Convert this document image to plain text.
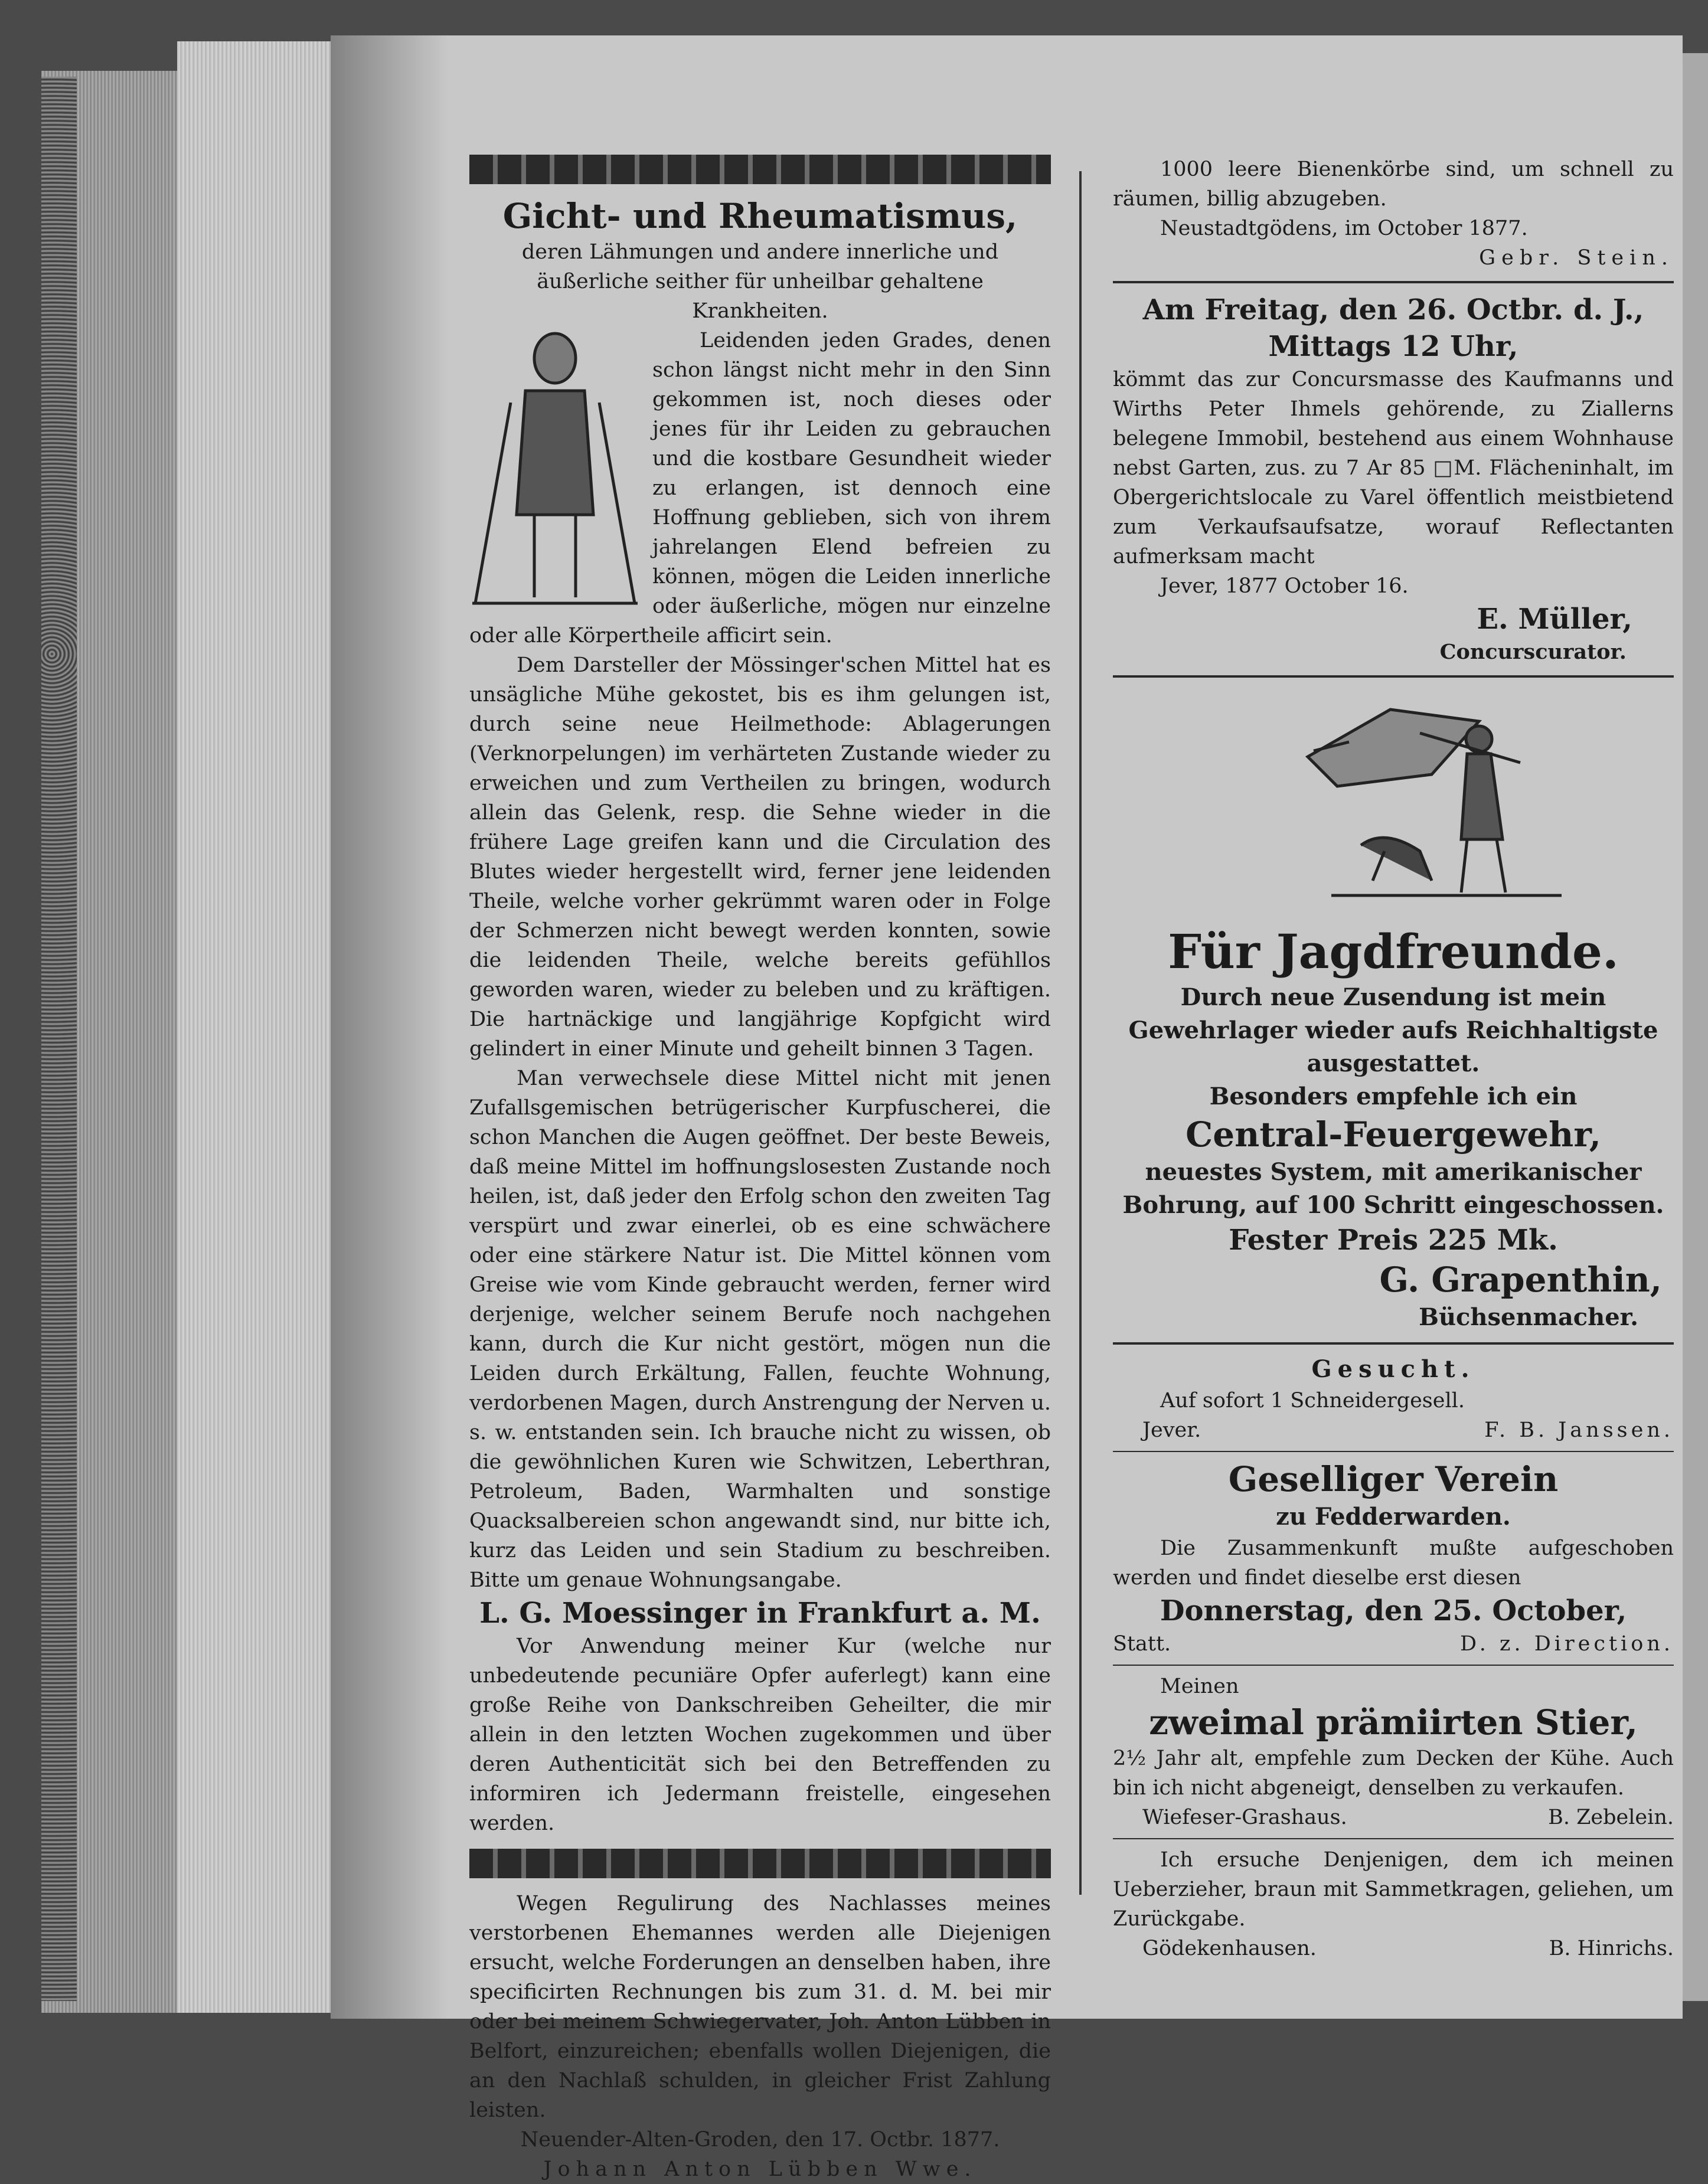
Gicht- und Rheumatismus,

deren Lähmungen und andere innerliche und äußerliche seither für unheilbar gehaltene Krankheiten.

Leidenden jeden Grades, denen schon längst nicht mehr in den Sinn gekommen ist, noch dieses oder jenes für ihr Leiden zu gebrauchen und die kostbare Gesundheit wieder zu erlangen, ist dennoch eine Hoffnung geblieben, sich von ihrem jahrelangen Elend befreien zu können, mögen die Leiden innerliche oder äußerliche, mögen nur einzelne oder alle Körpertheile afficirt sein.

Dem Darsteller der Mössinger'schen Mittel hat es unsägliche Mühe gekostet, bis es ihm gelungen ist, durch seine neue Heilmethode: Ablagerungen (Verknorpelungen) im verhärteten Zustande wieder zu erweichen und zum Vertheilen zu bringen, wodurch allein das Gelenk, resp. die Sehne wieder in die frühere Lage greifen kann und die Circulation des Blutes wieder hergestellt wird, ferner jene leidenden Theile, welche vorher gekrümmt waren oder in Folge der Schmerzen nicht bewegt werden konnten, sowie die leidenden Theile, welche bereits gefühllos geworden waren, wieder zu beleben und zu kräftigen. Die hartnäckige und langjährige Kopfgicht wird gelindert in einer Minute und geheilt binnen 3 Tagen.

Man verwechsele diese Mittel nicht mit jenen Zufallsgemischen betrügerischer Kurpfuscherei, die schon Manchen die Augen geöffnet. Der beste Beweis, daß meine Mittel im hoffnungslosesten Zustande noch heilen, ist, daß jeder den Erfolg schon den zweiten Tag verspürt und zwar einerlei, ob es eine schwächere oder eine stärkere Natur ist. Die Mittel können vom Greise wie vom Kinde gebraucht werden, ferner wird derjenige, welcher seinem Berufe noch nachgehen kann, durch die Kur nicht gestört, mögen nun die Leiden durch Erkältung, Fallen, feuchte Wohnung, verdorbenen Magen, durch Anstrengung der Nerven u. s. w. entstanden sein. Ich brauche nicht zu wissen, ob die gewöhnlichen Kuren wie Schwitzen, Leberthran, Petroleum, Baden, Warmhalten und sonstige Quacksalbereien schon angewandt sind, nur bitte ich, kurz das Leiden und sein Stadium zu beschreiben. Bitte um genaue Wohnungsangabe.

L. G. Moessinger in Frankfurt a. M.

Vor Anwendung meiner Kur (welche nur unbedeutende pecuniäre Opfer auferlegt) kann eine große Reihe von Dankschreiben Geheilter, die mir allein in den letzten Wochen zugekommen und über deren Authenticität sich bei den Betreffenden zu informiren ich Jedermann freistelle, eingesehen werden.

Wegen Regulirung des Nachlasses meines verstorbenen Ehemannes werden alle Diejenigen ersucht, welche Forderungen an denselben haben, ihre specificirten Rechnungen bis zum 31. d. M. bei mir oder bei meinem Schwiegervater, Joh. Anton Lübben in Belfort, einzureichen; ebenfalls wollen Diejenigen, die an den Nachlaß schulden, in gleicher Frist Zahlung leisten.

Neuender-Alten-Groden, den 17. Octbr. 1877.

Johann Anton Lübben Wwe.

1000 leere Bienenkörbe sind, um schnell zu räumen, billig abzugeben.

Neustadtgödens, im October 1877.

Gebr. Stein.

Am Freitag, den 26. Octbr. d. J.,
Mittags 12 Uhr,

kömmt das zur Concursmasse des Kaufmanns und Wirths Peter Ihmels gehörende, zu Ziallerns belegene Immobil, bestehend aus einem Wohnhause nebst Garten, zus. zu 7 Ar 85 □M. Flächeninhalt, im Obergerichtslocale zu Varel öffentlich meistbietend zum Verkaufsaufsatze, worauf Reflectanten aufmerksam macht

Jever, 1877 October 16.

E. Müller,

Concurscurator.

Für Jagdfreunde.
Durch neue Zusendung ist mein Gewehrlager wieder aufs Reichhaltigste ausgestattet.
Besonders empfehle ich ein
Central-Feuergewehr,
neuestes System, mit amerikanischer Bohrung, auf 100 Schritt eingeschossen.
Fester Preis 225 Mk.
G. Grapenthin,

Büchsenmacher.

Gesucht.

Auf sofort 1 Schneidergesell.

Jever.	F. B. Janssen.
Geselliger Verein
zu Fedderwarden.

Die Zusammenkunft mußte aufgeschoben werden und findet dieselbe erst diesen

Donnerstag, den 25. October,
Statt.	D. z. Direction.

Meinen

zweimal prämiirten Stier,

2½ Jahr alt, empfehle zum Decken der Kühe. Auch bin ich nicht abgeneigt, denselben zu verkaufen.

Wiefeser-Grashaus.	B. Zebelein.

Ich ersuche Denjenigen, dem ich meinen Ueberzieher, braun mit Sammetkragen, geliehen, um Zurückgabe.

Gödekenhausen.	B. Hinrichs.
